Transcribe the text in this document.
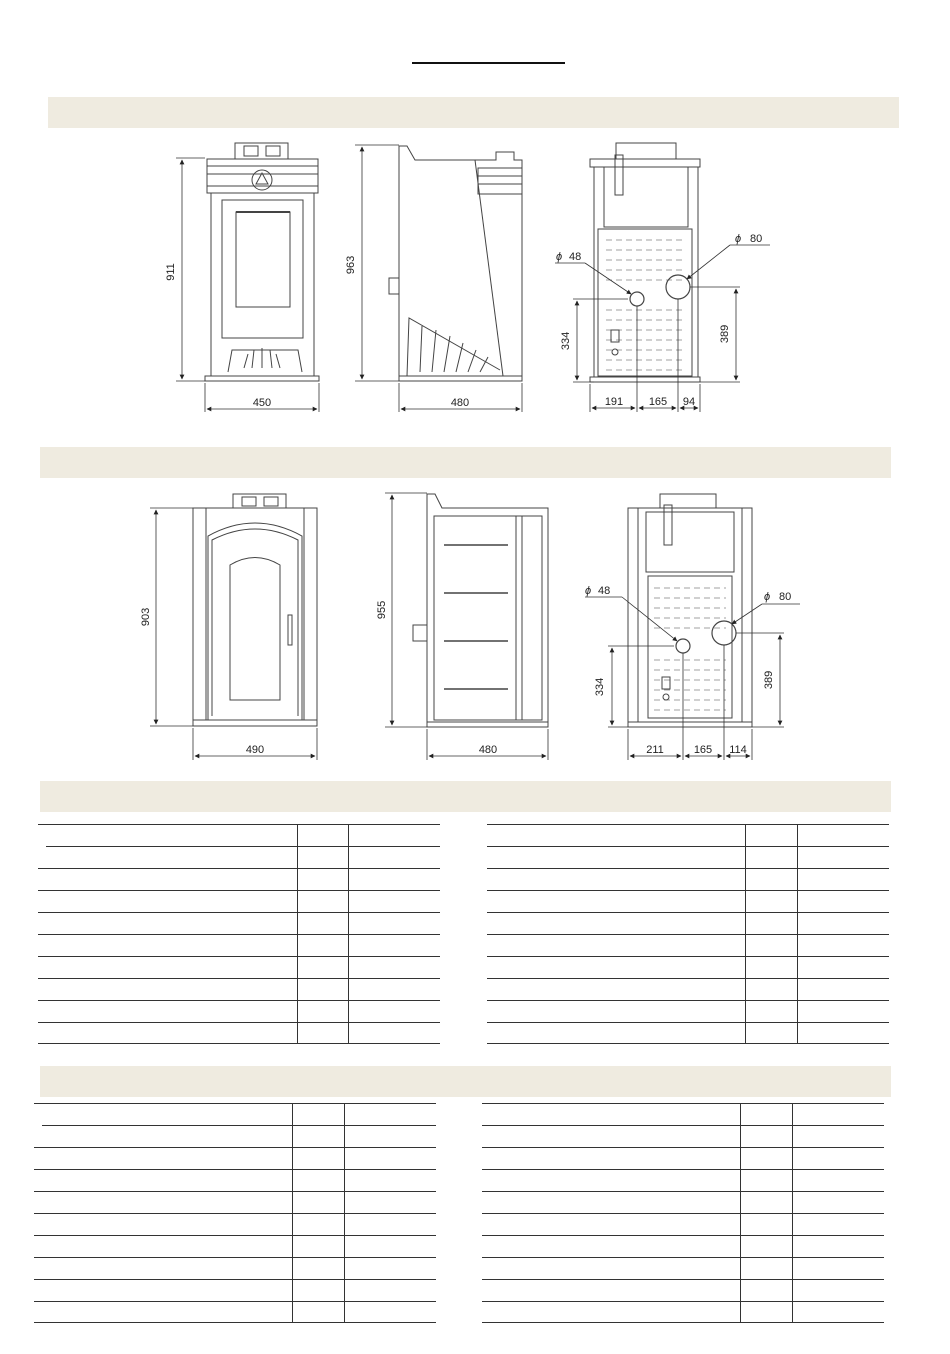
911
450
963
480
ϕ 48
ϕ 80
334	389
191 165 94
903
490
955
480
ϕ 48	ϕ 80
334	389
211	165 114
